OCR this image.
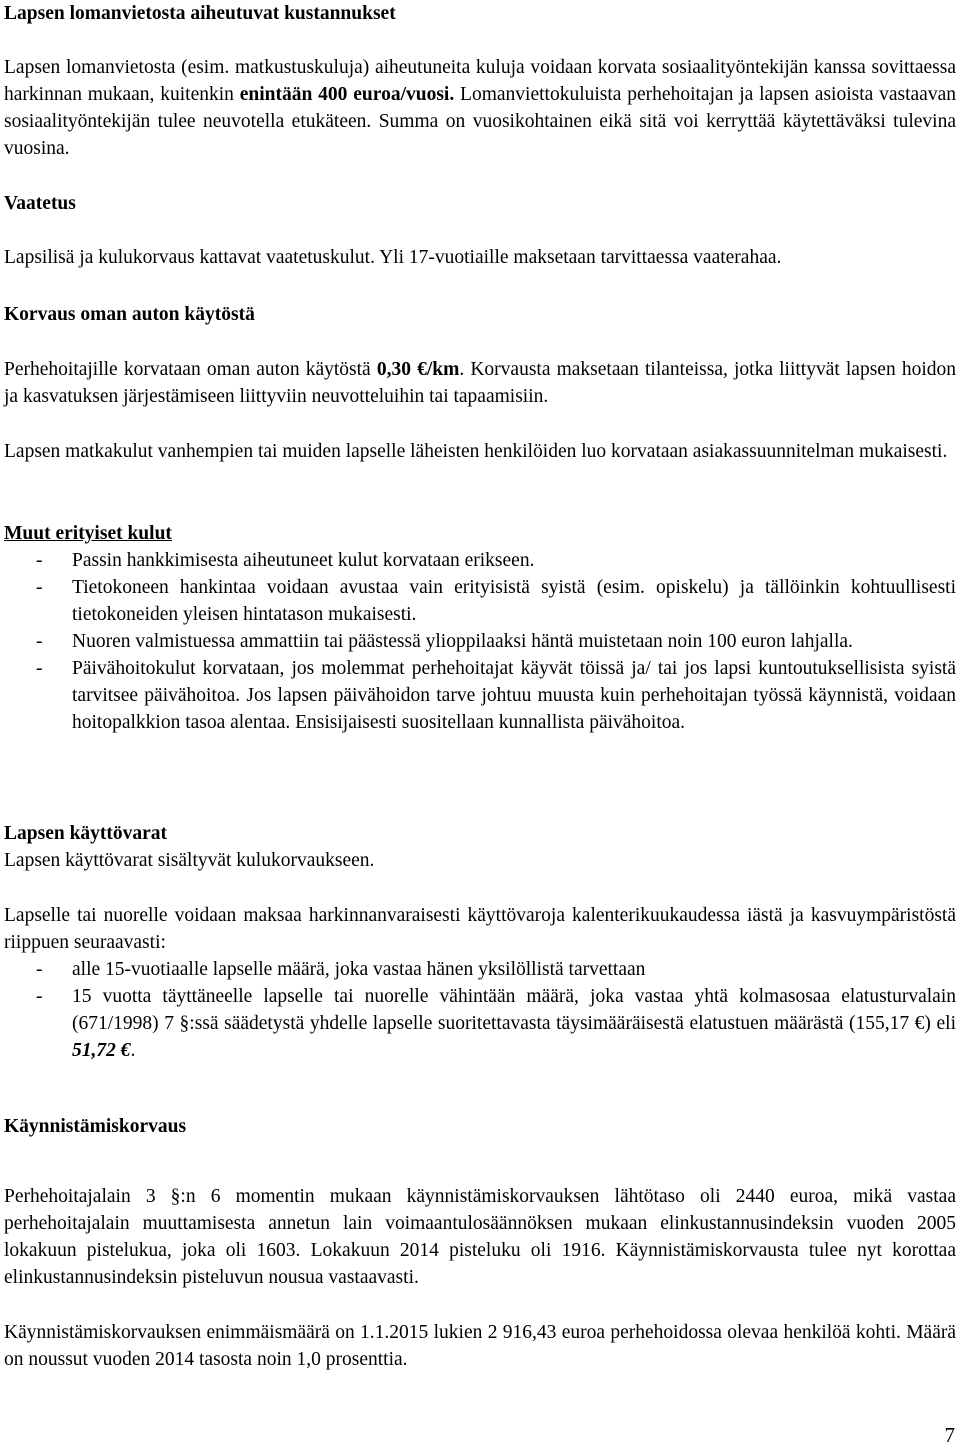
Lapsen lomanvietosta aiheutuvat kustannukset

Lapsen lomanvietosta (esim. matkustuskuluja) aiheutuneita kuluja voidaan korvata sosiaalityöntekijän kanssa sovittaessa harkinnan mukaan, kuitenkin enintään 400 euroa/vuosi. Lomanviettokuluista perhehoitajan ja lapsen asioista vastaavan sosiaalityöntekijän tulee neuvotella etukäteen. Summa on vuosikohtainen eikä sitä voi kerryttää käytettäväksi tulevina vuosina.

Vaatetus

Lapsilisä ja kulukorvaus kattavat vaatetuskulut. Yli 17-vuotiaille maksetaan tarvittaessa vaaterahaa.

Korvaus oman auton käytöstä

Perhehoitajille korvataan oman auton käytöstä 0,30 €/km. Korvausta maksetaan tilanteissa, jotka liittyvät lapsen hoidon ja kasvatuksen järjestämiseen liittyviin neuvotteluihin tai tapaamisiin.

Lapsen matkakulut vanhempien tai muiden lapselle läheisten henkilöiden luo korvataan asiakassuunnitelman mukaisesti.

Muut erityiset kulut

- Passin hankkimisesta aiheutuneet kulut korvataan erikseen.
- Tietokoneen hankintaa voidaan avustaa vain erityisistä syistä (esim. opiskelu) ja tällöinkin kohtuullisesti tietokoneiden yleisen hintatason mukaisesti.
- Nuoren valmistuessa ammattiin tai päästessä ylioppilaaksi häntä muistetaan noin 100 euron lahjalla.
- Päivähoitokulut korvataan, jos molemmat perhehoitajat käyvät töissä ja/ tai jos lapsi kuntoutuksellisista syistä tarvitsee päivähoitoa. Jos lapsen päivähoidon tarve johtuu muusta kuin perhehoitajan työssä käynnistä, voidaan hoitopalkkion tasoa alentaa. Ensisijaisesti suositellaan kunnallista päivähoitoa.

Lapsen käyttövarat

Lapsen käyttövarat sisältyvät kulukorvaukseen.

Lapselle tai nuorelle voidaan maksaa harkinnanvaraisesti käyttövaroja kalenterikuukaudessa iästä ja kasvuympäristöstä riippuen seuraavasti:

- alle 15-vuotiaalle lapselle määrä, joka vastaa hänen yksilöllistä tarvettaan
- 15 vuotta täyttäneelle lapselle tai nuorelle vähintään määrä, joka vastaa yhtä kolmasosaa elatusturvalain (671/1998) 7 §:ssä säädetystä yhdelle lapselle suoritettavasta täysimääräisestä elatustuen määrästä (155,17 €) eli 51,72 €.

Käynnistämiskorvaus

Perhehoitajalain 3 §:n 6 momentin mukaan käynnistämiskorvauksen lähtötaso oli 2440 euroa, mikä vastaa perhehoitajalain muuttamisesta annetun lain voimaantulosäännöksen mukaan elinkustannusindeksin vuoden 2005 lokakuun pistelukua, joka oli 1603. Lokakuun 2014 pisteluku oli 1916. Käynnistämiskorvausta tulee nyt korottaa elinkustannusindeksin pisteluvun nousua vastaavasti.

Käynnistämiskorvauksen enimmäismäärä on 1.1.2015 lukien 2 916,43 euroa perhehoidossa olevaa henkilöä kohti. Määrä on noussut vuoden 2014 tasosta noin 1,0 prosenttia.

7
